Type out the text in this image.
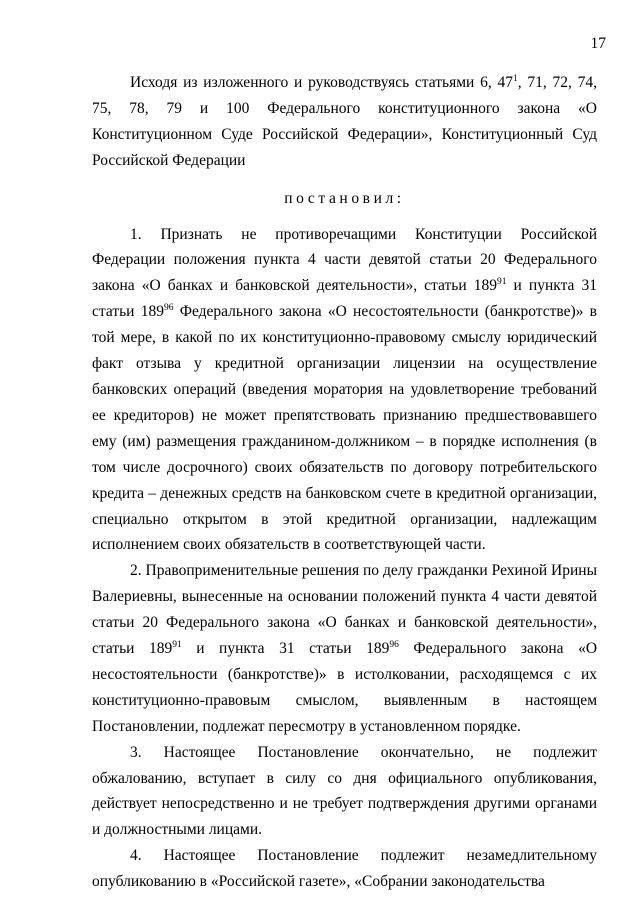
17

Исходя из изложенного и руководствуясь статьями 6, $47^1$, 71, 72, 74, 75, 78, 79 и 100 Федерального конституционного закона «О Конституционном Суде Российской Федерации», Конституционный Суд Российской Федерации

постановил:

1. Признать не противоречащими Конституции Российской Федерации положения пункта 4 части девятой статьи 20 Федерального закона «О банках и банковской деятельности», статьи $189^{91}$ и пункта 31 статьи $189^{96}$ Федерального закона «О несостоятельности (банкротстве)» в той мере, в какой по их конституционно-правовому смыслу юридический факт отзыва у кредитной организации лицензии на осуществление банковских операций (введения моратория на удовлетворение требований ее кредиторов) не может препятствовать признанию предшествовавшего ему (им) размещения гражданином-должником – в порядке исполнения (в том числе досрочного) своих обязательств по договору потребительского кредита – денежных средств на банковском счете в кредитной организации, специально открытом в этой кредитной организации, надлежащим исполнением своих обязательств в соответствующей части.

2. Правоприменительные решения по делу гражданки Рехиной Ирины Валериевны, вынесенные на основании положений пункта 4 части девятой статьи 20 Федерального закона «О банках и банковской деятельности», статьи $189^{91}$ и пункта 31 статьи $189^{96}$ Федерального закона «О несостоятельности (банкротстве)» в истолковании, расходящемся с их конституционно-правовым смыслом, выявленным в настоящем Постановлении, подлежат пересмотру в установленном порядке.

3. Настоящее Постановление окончательно, не подлежит обжалованию, вступает в силу со дня официального опубликования, действует непосредственно и не требует подтверждения другими органами и должностными лицами.

4. Настоящее Постановление подлежит незамедлительному опубликованию в «Российской газете», «Собрании законодательства
